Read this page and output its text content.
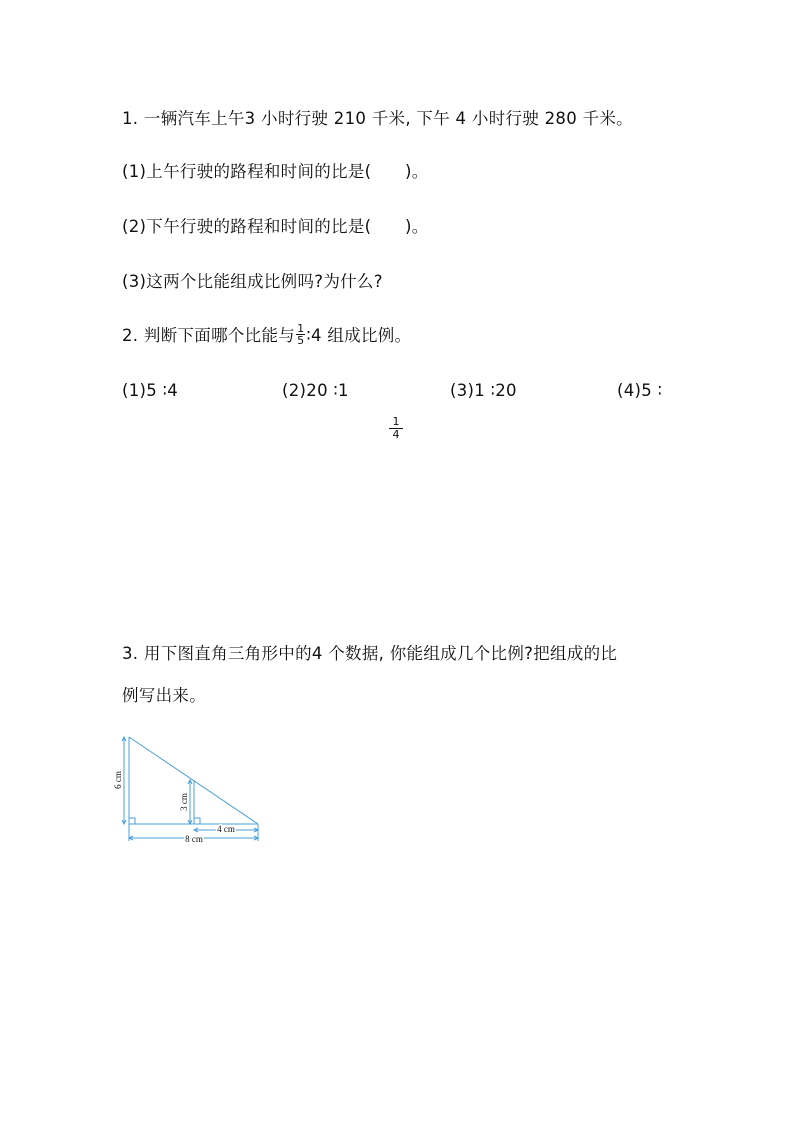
1. 一辆汽车上午3 小时行驶 210 千米, 下午 4 小时行驶 280 千米。
(1)上午行驶的路程和时间的比是(　　)。
(2)下午行驶的路程和时间的比是(　　)。
(3)这两个比能组成比例吗?为什么?
2. 判断下面哪个比能与 $\frac{1}{5}$ ∶4 组成比例。
(1)5 ∶4	(2)20 ∶1	(3)1 ∶20	(4)5 ∶
$\frac{1}{4}$
3. 用下图直角三角形中的4 个数据, 你能组成几个比例?把组成的比
例写出来。
6 cm
3 cm
4 cm
8 cm
